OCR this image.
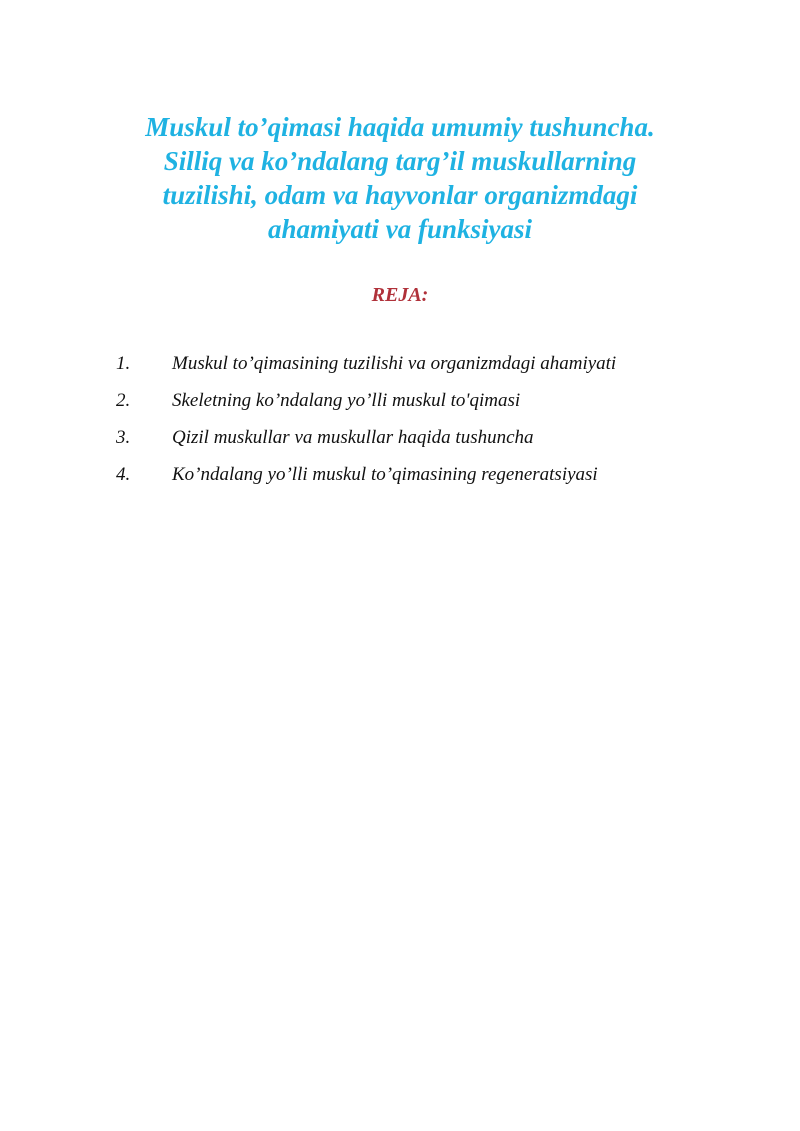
Muskul to’qimasi haqida umumiy tushuncha.
Silliq va ko’ndalang targ’il muskullarning
tuzilishi, odam va hayvonlar organizmdagi
ahamiyati va funksiyasi
REJA:
1.	Muskul to’qimasining tuzilishi va organizmdagi ahamiyati
2.	Skeletning ko’ndalang yo’lli muskul to'qimasi
3.	Qizil muskullar va muskullar haqida tushuncha
4.	Ko’ndalang yo’lli muskul to’qimasining regeneratsiyasi
